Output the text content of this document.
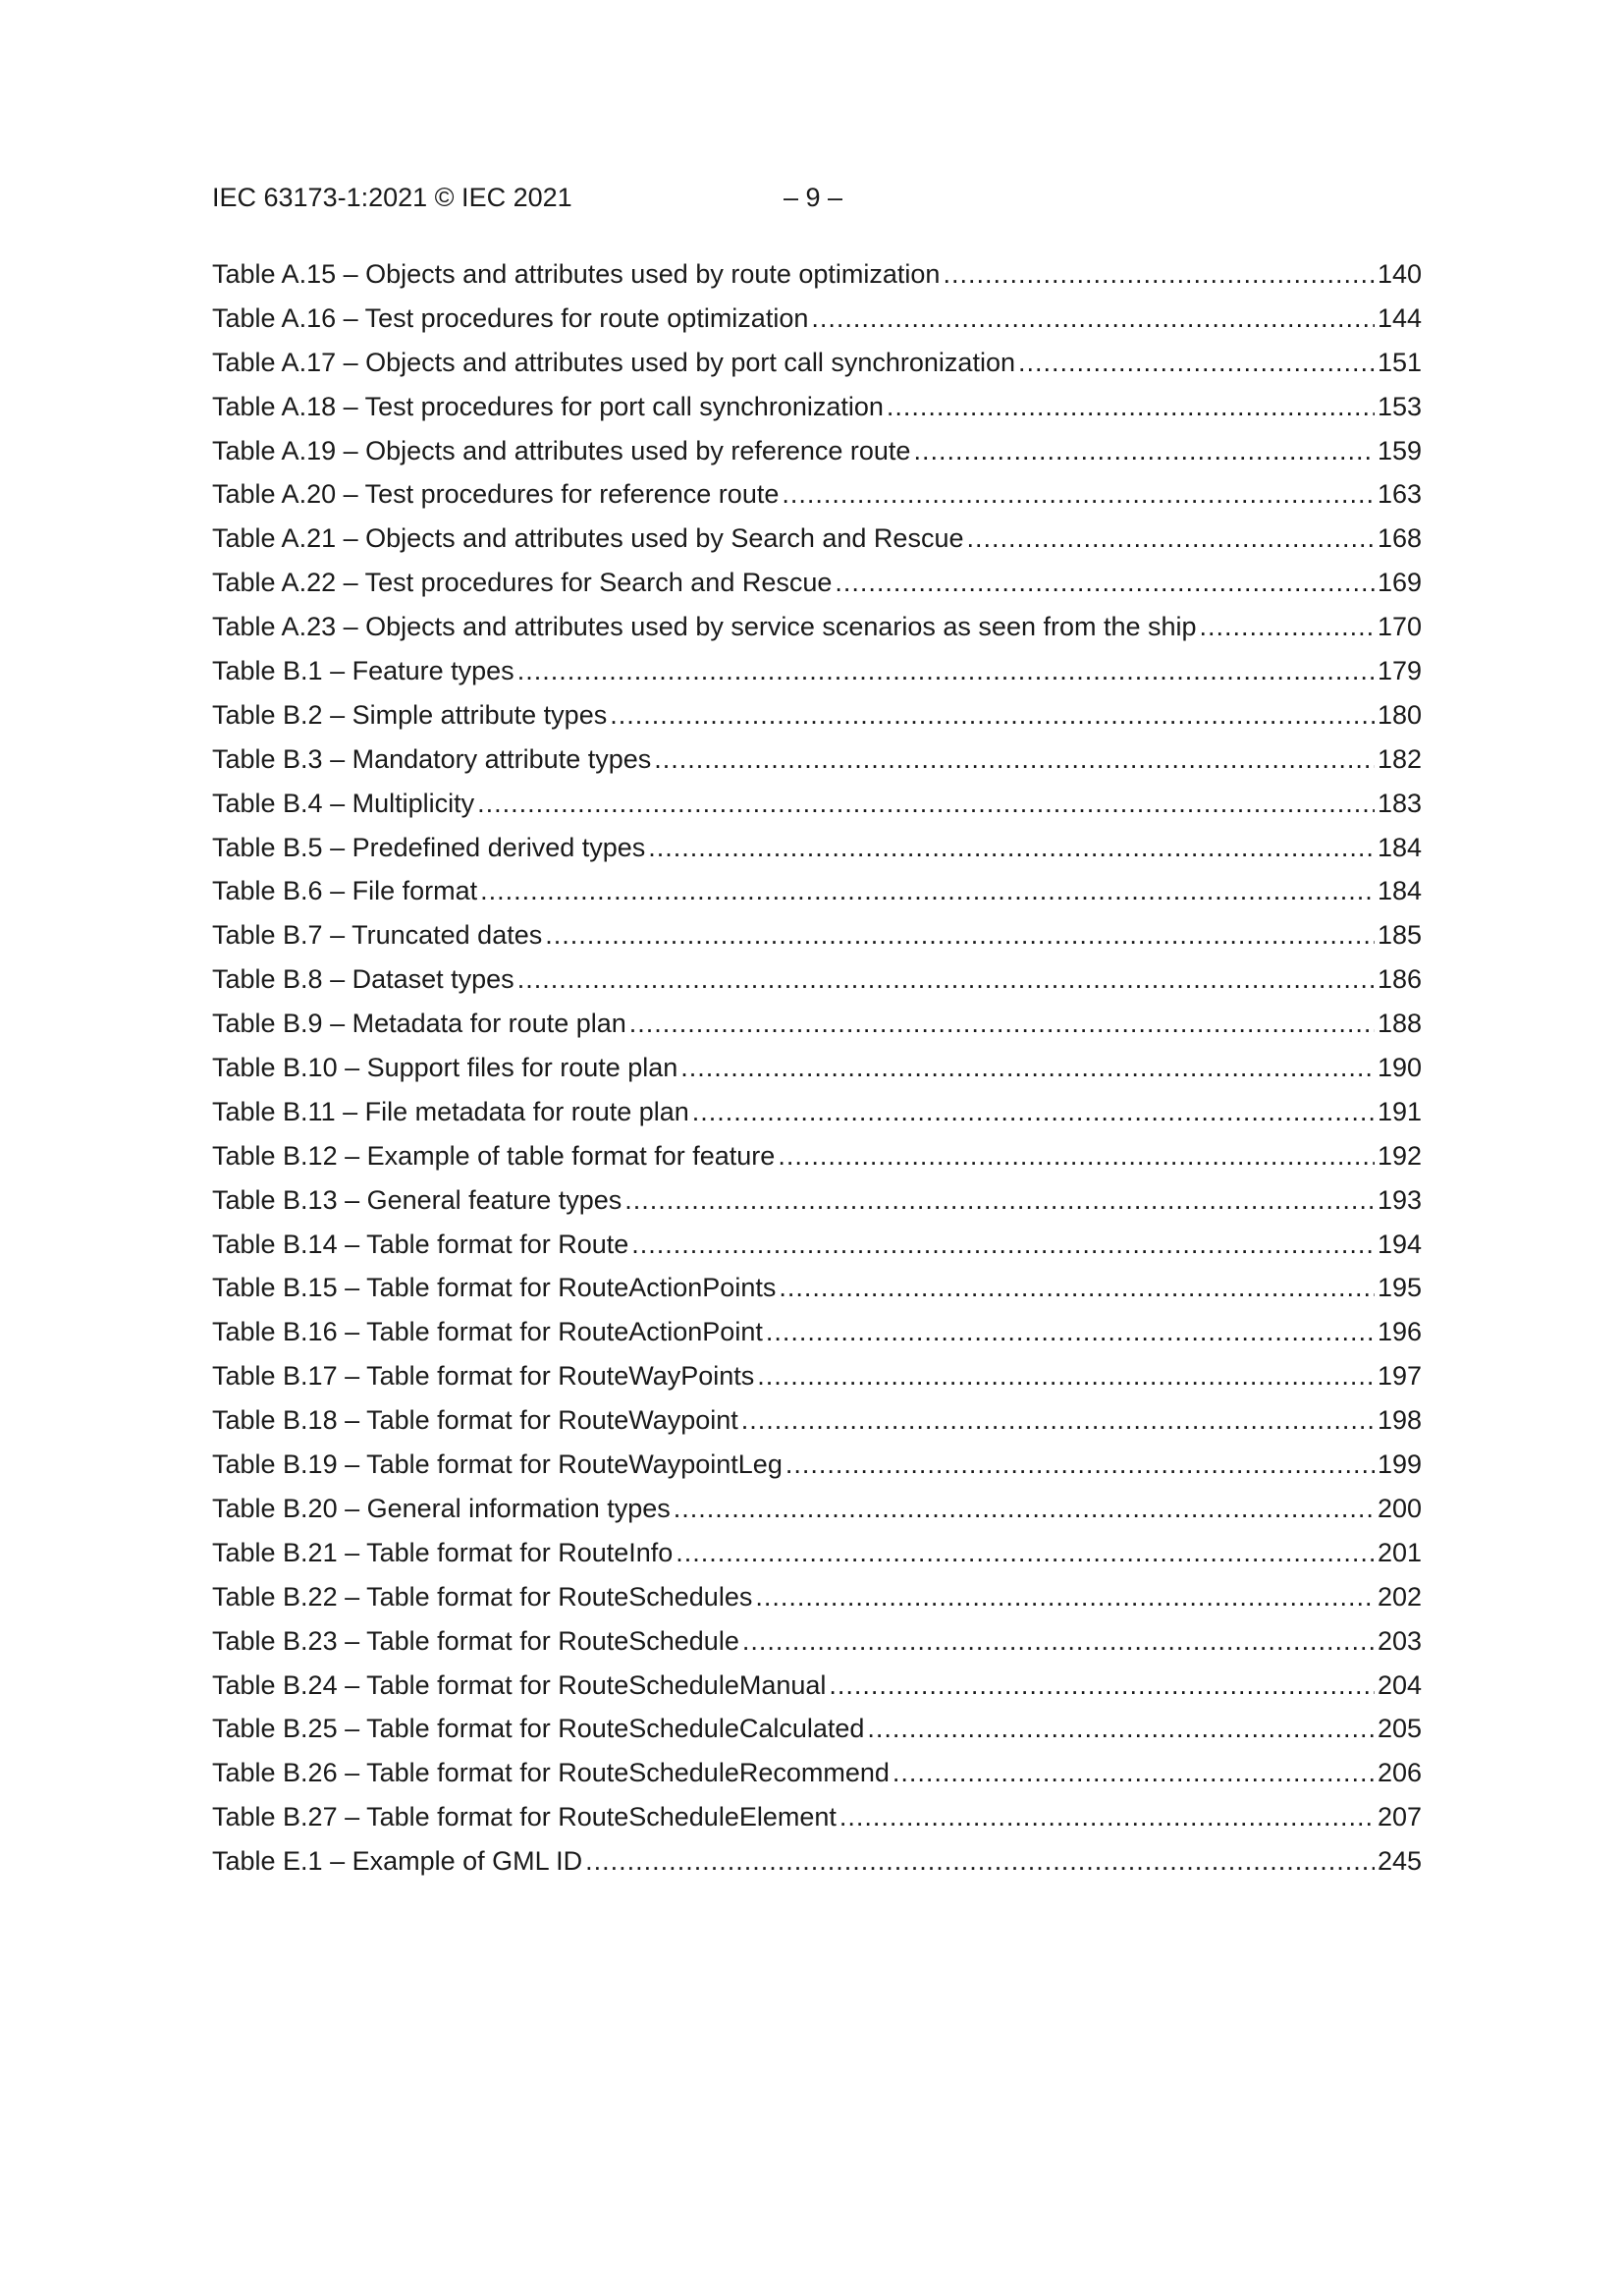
IEC 63173-1:2021 © IEC 2021	– 9 –
Table A.15 – Objects and attributes used by route optimization .....	140
Table A.16 – Test procedures for route optimization .....	144
Table A.17 – Objects and attributes used by port call synchronization .....	151
Table A.18 – Test procedures for port call synchronization .....	153
Table A.19 – Objects and attributes used by reference route .....	159
Table A.20 – Test procedures for reference route .....	163
Table A.21 – Objects and attributes used by Search and Rescue .....	168
Table A.22 – Test procedures for Search and Rescue .....	169
Table A.23 – Objects and attributes used by service scenarios as seen from the ship .....	170
Table B.1 – Feature types .....	179
Table B.2 – Simple attribute types .....	180
Table B.3 – Mandatory attribute types .....	182
Table B.4 – Multiplicity .....	183
Table B.5 – Predefined derived types .....	184
Table B.6 – File format .....	184
Table B.7 – Truncated dates .....	185
Table B.8 – Dataset types .....	186
Table B.9 – Metadata for route plan .....	188
Table B.10 – Support files for route plan .....	190
Table B.11 – File metadata for route plan .....	191
Table B.12 – Example of table format for feature .....	192
Table B.13 – General feature types .....	193
Table B.14 – Table format for Route .....	194
Table B.15 – Table format for RouteActionPoints .....	195
Table B.16 – Table format for RouteActionPoint .....	196
Table B.17 – Table format for RouteWayPoints .....	197
Table B.18 – Table format for RouteWaypoint .....	198
Table B.19 – Table format for RouteWaypointLeg .....	199
Table B.20 – General information types .....	200
Table B.21 – Table format for RouteInfo .....	201
Table B.22 – Table format for RouteSchedules .....	202
Table B.23 – Table format for RouteSchedule .....	203
Table B.24 – Table format for RouteScheduleManual .....	204
Table B.25 – Table format for RouteScheduleCalculated .....	205
Table B.26 – Table format for RouteScheduleRecommend .....	206
Table B.27 – Table format for RouteScheduleElement .....	207
Table E.1 – Example of GML ID .....	245
